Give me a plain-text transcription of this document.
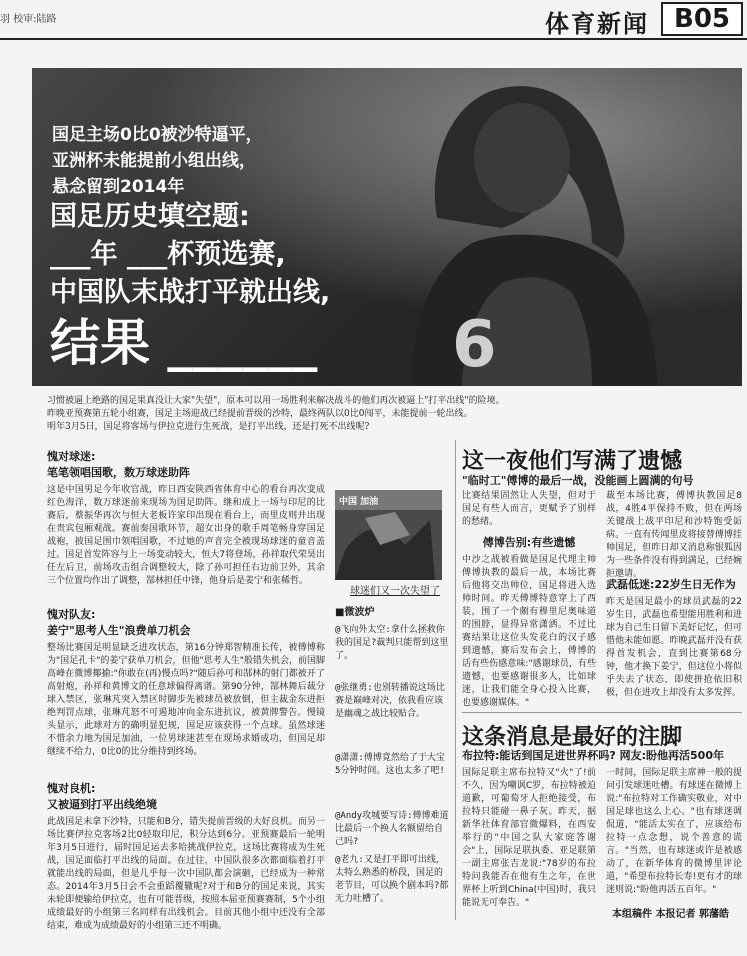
羽 校审:陆路	体育新闻 B05
6
国足主场0比0被沙特逼平，
亚洲杯未能提前小组出线，
悬念留到2014年
国足历史填空题:
___年 ___杯预选赛,
中国队末战打平就出线,
结果 ______
习惯被逼上绝路的国足果真没让大家"失望"，原本可以用一场胜利来解决战斗的他们再次被逼上"打平出线"的险境。
昨晚亚预赛第五轮小组赛，国足主场迎战已经提前晋级的沙特，最终两队以0比0闯平，未能提前一轮出线。
明年3月5日，国足将客场与伊拉克进行生死战，是打平出线，还是打死不出线呢?
愧对球迷:
笔笔领唱国歌，数万球迷助阵
这是中国男足今年收官战，昨日西安陕西省体育中心的看台再次变成红色海洋，数万球迷前来现场为国足助阵。继和成上一场与印尼的比赛后，蔡振华再次与恒大老板许家印出现在看台上，而里皮则并出现在贵宾包厢观战。赛前奏国歌环节，超女出身的歌手周笔畅身穿国足战袍，披国足围巾领唱国歌，不过她的声音完全被现场球迷的童音盖过。国足首发阵容与上一场变动较大，恒大7将登场，孙祥取代荣昊出任左后卫，前场攻击组合调整较大，除了孙可担任右边前卫外，其余三个位置均作出了调整，郜林担任中锋，他身后是姜宁和张稀哲。
愧对队友:
姜宁"思考人生"浪费单刀机会
整场比赛国足明显缺乏进攻状态，第16分钟郑智精准长传，被傅博称为"国足孔卡"的姜宁获单刀机会，但他"思考人生"般错失机会，前国脚高峰在微博揶揄:"你敢在(再)慢点吗?"随后孙可和郜林的射门都被开了高射炮，孙祥和黄博文的任意球偏得离谱。第90分钟，郜林舞后裁分球入禁区，张琳芃突入禁区时脚步先被球员被放倒，但主裁金东进拒绝判罚点球，张琳芃怒不可遏地冲向金东进抗议，被黄牌警告。慢镜头显示，此球对方的确明显犯规，国足应该获得一个点球。虽然球迷不惜余力地为国足加油，一位男球迷甚至在现场求婚成功，但国足却继续不给力，0比0的比分维持到终场。
愧对良机:
又被逼到打平出线绝境
此战国足未拿下沙特，只能和B分，错失提前晋级的大好良机。而另一场比赛伊拉克客场2比0轻取印尼，积分达到6分。亚预赛最后一轮明年3月5日进行，届时国足运去多哈挑战伊拉克，这场比赛将成为生死战，国足面临打平出线的局面。在过往，中国队很多次都面临着打平就能出线的局面，但是几乎每一次中国队都会演砸，已经成为一种常态。2014年3月5日会不会重蹈覆辙呢?对于和B分的国足来说，其实未轮即便输给伊拉克，也有可能晋级，按照本届亚预赛赛制，5个小组成绩最好的小组第三名同样有出线机会。目前其他小组中还没有全部结束，难成为成绩最好的小组第三还不明确。
中国 加油
球迷们又一次失望了
■微波炉
@飞向外太空:拿什么拯救你我的国足?裁判只能帮到这里了。
@张继勇:也别转播说这场比赛是巅峰对决，依我看应该是幽魂之战比较贴合。
@潇潇:傅博竟然给了于大宝5分钟时间。这也太多了吧!
@Andy攻城要写诗:傅博难道比最后一个换人名额留给自己吗?
@老九:又是打平即可出线，太特么熟悉的桥段，国足的老节目，可以换个剧本吗?都无力吐槽了。
这一夜他们写满了遗憾
"临时工"傅博的最后一战，没能画上圆满的句号
比赛结果固然让人失望，但对于国足有些人而言，更赋予了别样的愁绪。
傅博告别:有些遗憾
中沙之战被看做是国足代理主帅傅博执教的最后一战，本场比赛后他将交出帅位，国足将进入选帅时间。昨天傅博特意穿上了西装，围了一个颇有穆里尼奥味道的围脖，显得异常潇洒。不过比赛结果让这位头发花白的汉子感到遗憾，赛后发布会上，傅博的话有些伤感意味:"感谢球员，有些遗憾，也要感谢很多人，比如球迷，让我们能全身心投入比赛，也要感谢媒体。"
裁至本场比赛，傅博执教国足8战，4胜4平保持不败，但在两场关键战上战平印尼和沙特饱受诟病。一直有传闻里皮将接替傅博挂帅国足，但昨日却又消息称银狐因为一些条件没有得到满足，已经婉拒邀请。
武磊低迷:22岁生日无作为
昨天是国足最小的球员武磊的22岁生日，武磊也希望能用胜利和进球为自己生日留下美好记忆，但可惜他未能如愿。昨晚武磊并没有获得首发机会，直到比赛第68分钟，他才换下姜宁，但这位小将似乎失去了状态，即使拼抢依旧积极，但在进攻上却没有太多发挥。
这条消息是最好的注脚
布拉特:能话到国足进世界杯吗? 网友:盼他再活500年
国际足联主席布拉特又"火"了!前不久，因为嘲讽C罗，布拉特被迫道歉，可葡萄牙人拒绝接受，布拉特只能碰一鼻子灰。昨天，据新华社体育部官微爆料，在西安举行的"中国之队大家庭答谢会"上，国际足联执委、亚足联第一副主席张吉龙说:"78岁的布拉特问我能否在他有生之年，在世界杯上听到China(中国)时，我只能说无可奉告。"
一时间，国际足联主席神一般的提问引发球迷吐槽。有球迷在微博上说:"布拉特对工作确实敬业，对中国足球也这么上心。"也有球迷调侃道，"能活太实在了，应该给布拉特一点念想，说个善意的谎言。"当然，也有球迷或许是被感动了，在新华体育的微博里评论道，"希望布拉特长寿!更有才的球迷则说:"盼他再活五百年。"
本组稿件 本报记者 郭藩皓
